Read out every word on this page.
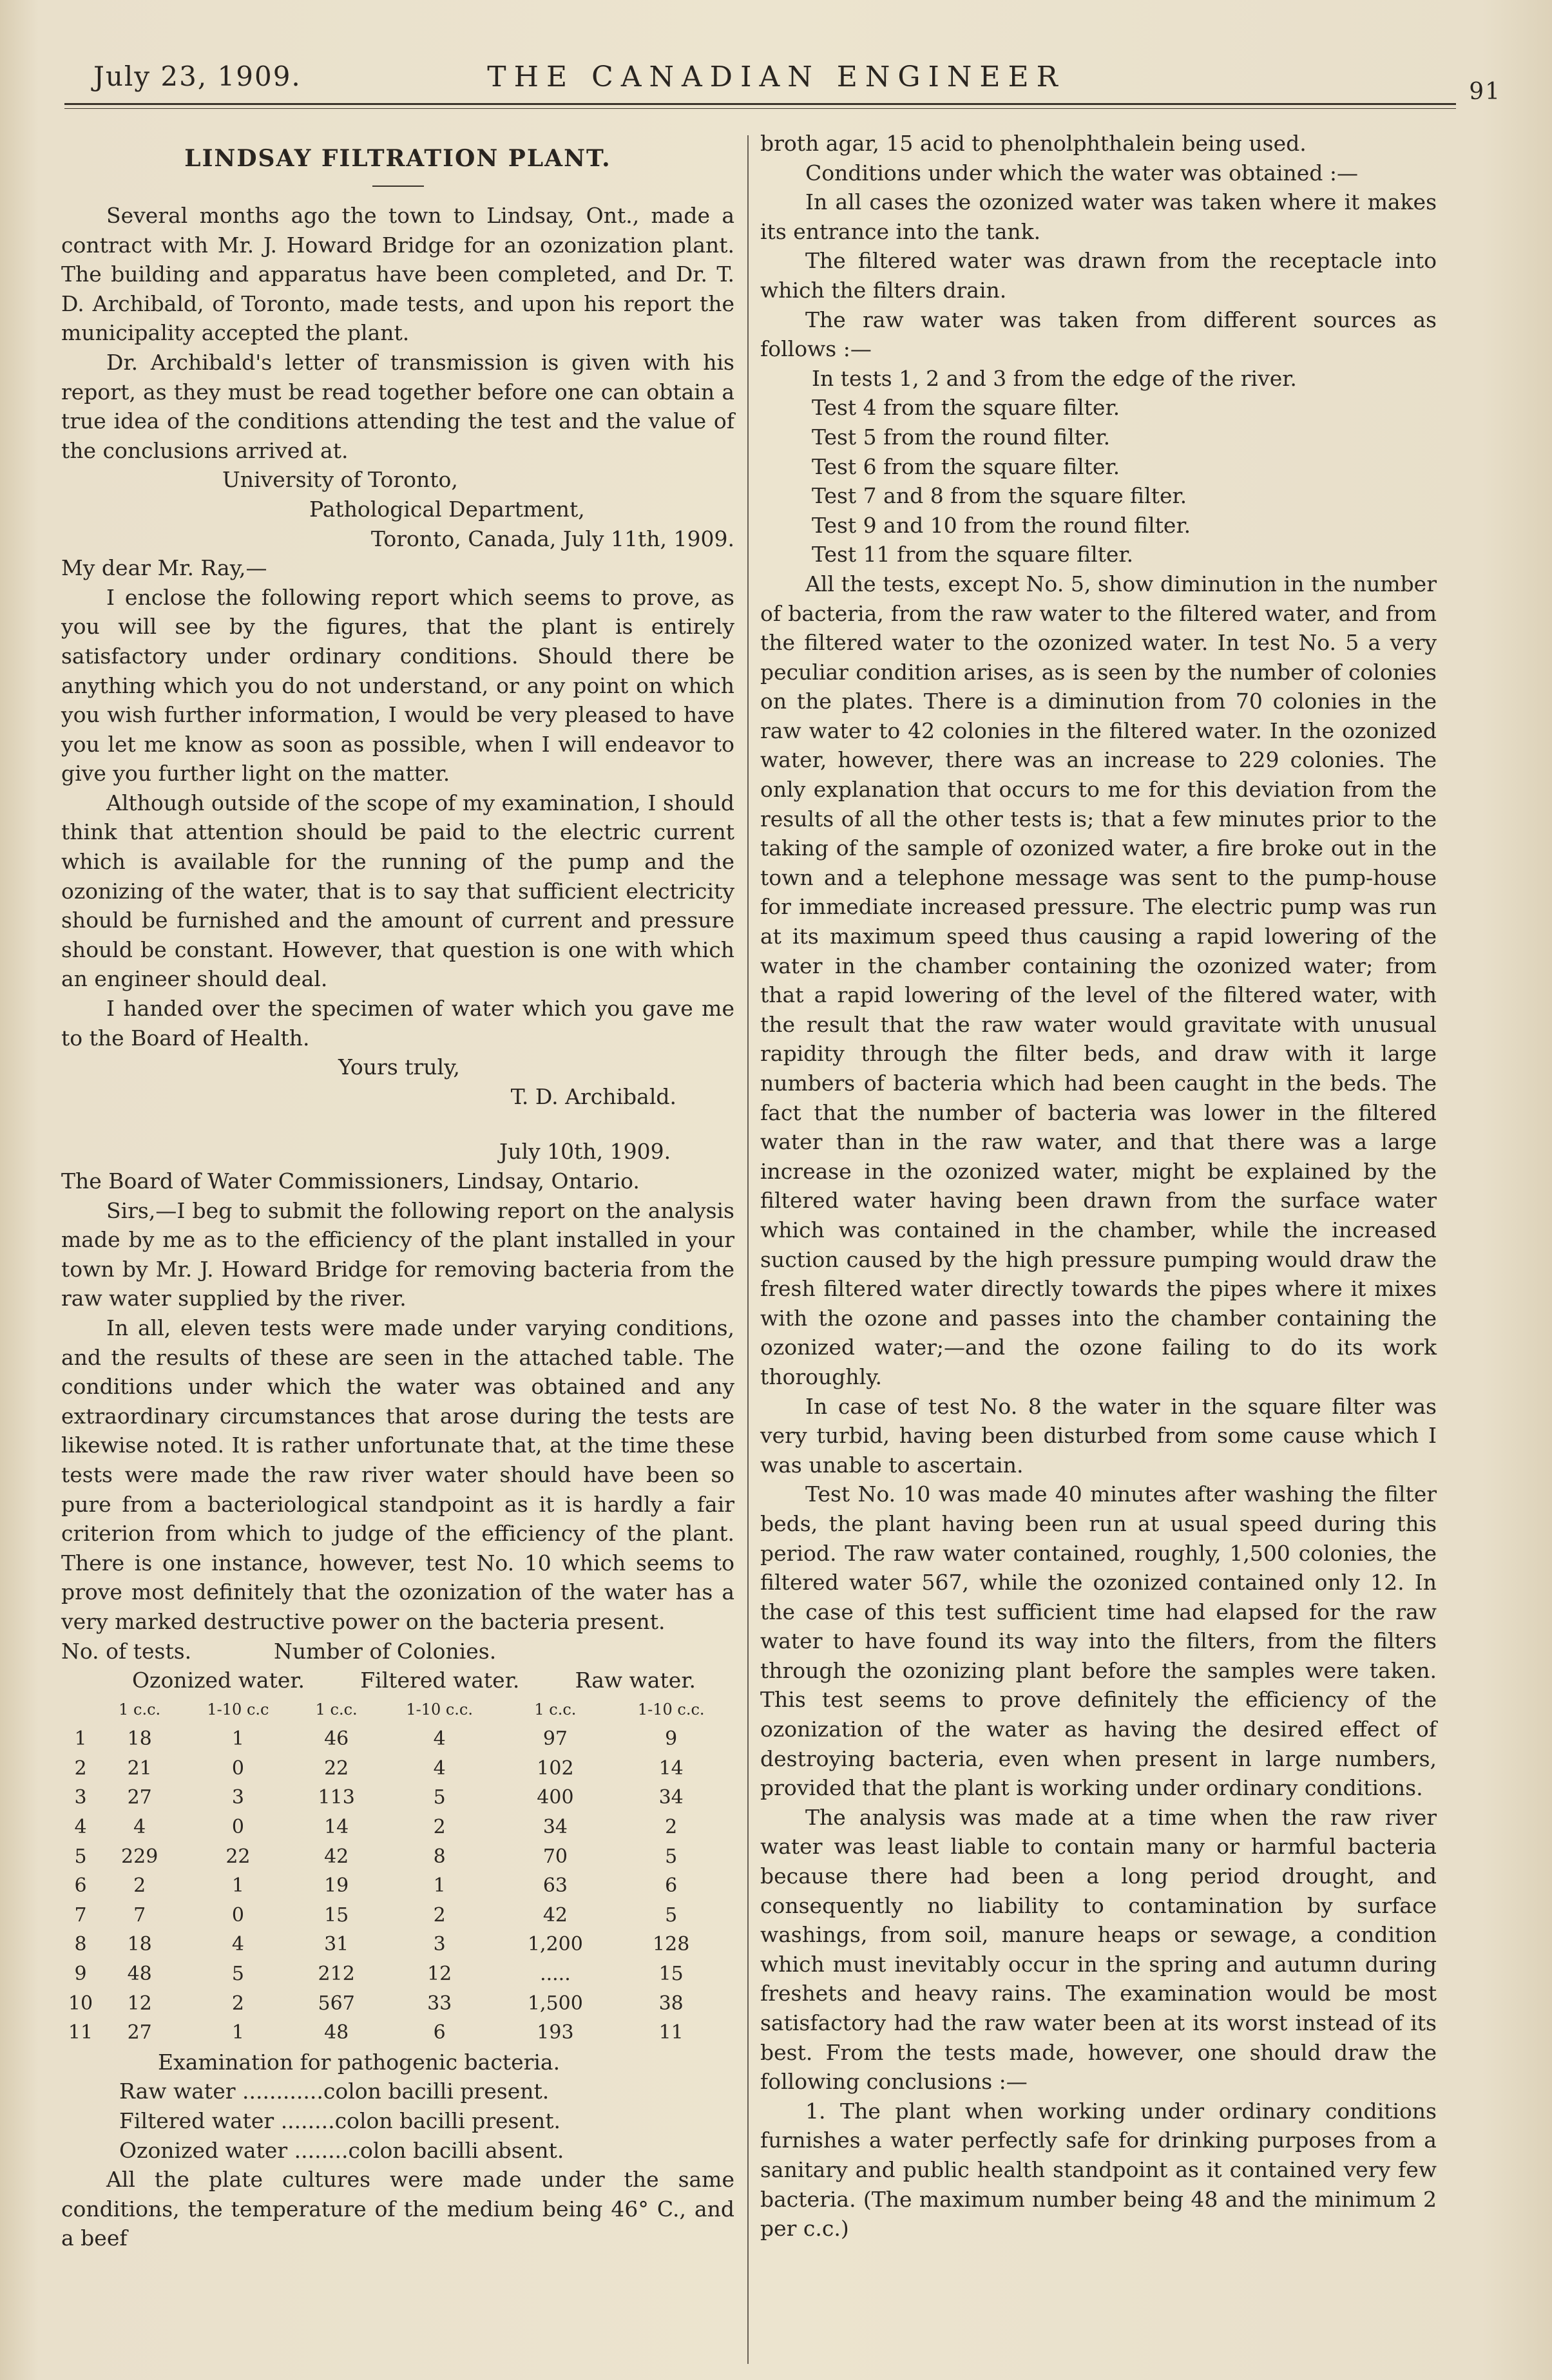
July 23, 1909.	THE CANADIAN ENGINEER	91
LINDSAY FILTRATION PLANT.

Several months ago the town to Lindsay, Ont., made a contract with Mr. J. Howard Bridge for an ozonization plant. The building and apparatus have been completed, and Dr. T. D. Archibald, of Toronto, made tests, and upon his report the municipality accepted the plant.

Dr. Archibald's letter of transmission is given with his report, as they must be read together before one can obtain a true idea of the conditions attending the test and the value of the conclusions arrived at.

University of Toronto,

Pathological Department,

Toronto, Canada, July 11th, 1909.

My dear Mr. Ray,—

I enclose the following report which seems to prove, as you will see by the figures, that the plant is entirely satisfactory under ordinary conditions. Should there be anything which you do not understand, or any point on which you wish further information, I would be very pleased to have you let me know as soon as possible, when I will endeavor to give you further light on the matter.

Although outside of the scope of my examination, I should think that attention should be paid to the electric current which is available for the running of the pump and the ozonizing of the water, that is to say that sufficient electricity should be furnished and the amount of current and pressure should be constant. However, that question is one with which an engineer should deal.

I handed over the specimen of water which you gave me to the Board of Health.

Yours truly,

T. D. Archibald.

July 10th, 1909.

The Board of Water Commissioners, Lindsay, Ontario.

Sirs,—I beg to submit the following report on the analysis made by me as to the efficiency of the plant installed in your town by Mr. J. Howard Bridge for removing bacteria from the raw water supplied by the river.

In all, eleven tests were made under varying conditions, and the results of these are seen in the attached table. The conditions under which the water was obtained and any extraordinary circumstances that arose during the tests are likewise noted. It is rather unfortunate that, at the time these tests were made the raw river water should have been so pure from a bacteriological standpoint as it is hardly a fair criterion from which to judge of the efficiency of the plant. There is one instance, however, test No. 10 which seems to prove most definitely that the ozonization of the water has a very marked destructive power on the bacteria present.

No. of tests.	Number of Colonies.
Ozonized water.	Filtered water.	Raw water.
	1 c.c.	1-10 c.c	1 c.c.	1-10 c.c.	1 c.c.	1-10 c.c.
1	18	1	46	4	97	9
2	21	0	22	4	102	14
3	27	3	113	5	400	34
4	4	0	14	2	34	2
5	229	22	42	8	70	5
6	2	1	19	1	63	6
7	7	0	15	2	42	5
8	18	4	31	3	1,200	128
9	48	5	212	12	.....	15
10	12	2	567	33	1,500	38
11	27	1	48	6	193	11

Examination for pathogenic bacteria.

Raw water ............colon bacilli present.

Filtered water ........colon bacilli present.

Ozonized water ........colon bacilli absent.

All the plate cultures were made under the same conditions, the temperature of the medium being 46° C., and a beef

broth agar, 15 acid to phenolphthalein being used.

Conditions under which the water was obtained :—

In all cases the ozonized water was taken where it makes its entrance into the tank.

The filtered water was drawn from the receptacle into which the filters drain.

The raw water was taken from different sources as follows :—

In tests 1, 2 and 3 from the edge of the river.

Test 4 from the square filter.

Test 5 from the round filter.

Test 6 from the square filter.

Test 7 and 8 from the square filter.

Test 9 and 10 from the round filter.

Test 11 from the square filter.

All the tests, except No. 5, show diminution in the number of bacteria, from the raw water to the filtered water, and from the filtered water to the ozonized water. In test No. 5 a very peculiar condition arises, as is seen by the number of colonies on the plates. There is a diminution from 70 colonies in the raw water to 42 colonies in the filtered water. In the ozonized water, however, there was an increase to 229 colonies. The only explanation that occurs to me for this deviation from the results of all the other tests is; that a few minutes prior to the taking of the sample of ozonized water, a fire broke out in the town and a telephone message was sent to the pump-house for immediate increased pressure. The electric pump was run at its maximum speed thus causing a rapid lowering of the water in the chamber containing the ozonized water; from that a rapid lowering of the level of the filtered water, with the result that the raw water would gravitate with unusual rapidity through the filter beds, and draw with it large numbers of bacteria which had been caught in the beds. The fact that the number of bacteria was lower in the filtered water than in the raw water, and that there was a large increase in the ozonized water, might be explained by the filtered water having been drawn from the surface water which was contained in the chamber, while the increased suction caused by the high pressure pumping would draw the fresh filtered water directly towards the pipes where it mixes with the ozone and passes into the chamber containing the ozonized water;—and the ozone failing to do its work thoroughly.

In case of test No. 8 the water in the square filter was very turbid, having been disturbed from some cause which I was unable to ascertain.

Test No. 10 was made 40 minutes after washing the filter beds, the plant having been run at usual speed during this period. The raw water contained, roughly, 1,500 colonies, the filtered water 567, while the ozonized contained only 12. In the case of this test sufficient time had elapsed for the raw water to have found its way into the filters, from the filters through the ozonizing plant before the samples were taken. This test seems to prove definitely the efficiency of the ozonization of the water as having the desired effect of destroying bacteria, even when present in large numbers, provided that the plant is working under ordinary conditions.

The analysis was made at a time when the raw river water was least liable to contain many or harmful bacteria because there had been a long period drought, and consequently no liability to contamination by surface washings, from soil, manure heaps or sewage, a condition which must inevitably occur in the spring and autumn during freshets and heavy rains. The examination would be most satisfactory had the raw water been at its worst instead of its best. From the tests made, however, one should draw the following conclusions :—

1. The plant when working under ordinary conditions furnishes a water perfectly safe for drinking purposes from a sanitary and public health standpoint as it contained very few bacteria. (The maximum number being 48 and the minimum 2 per c.c.)
